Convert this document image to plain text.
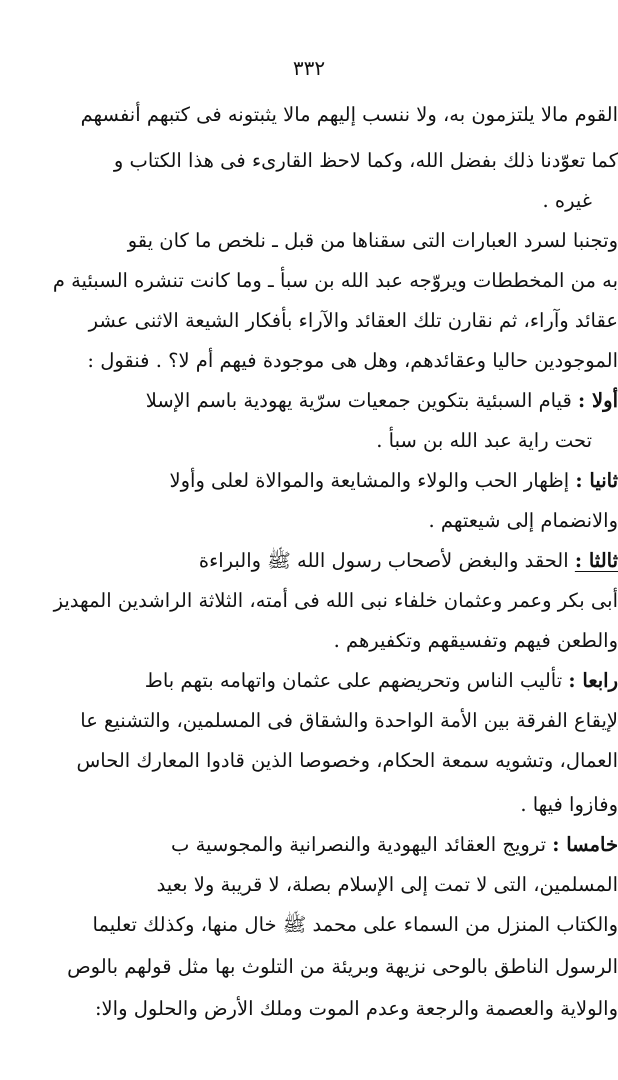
٣٣٢
القوم مالا يلتزمون به، ولا ننسب إليهم مالا يثبتونه فى كتبهم أنفسهم
كما تعوّدنا ذلك بفضل الله، وكما لاحظ القارىء فى هذا الكتاب و
غيره .
وتجنبا لسرد العبارات التى سقناها من قبل ـ نلخص ما كان يقو
به من المخططات ويروّجه عبد الله بن سبأ ـ وما كانت تنشره السبئية م
عقائد وآراء، ثم نقارن تلك العقائد والآراء بأفكار الشيعة الاثنى عشر
الموجودين حاليا وعقائدهم، وهل هى موجودة فيهم أم لا؟ . فنقول :
أولا : قيام السبئية بتكوين جمعيات سرّية يهودية باسم الإسلا
تحت راية عبد الله بن سبأ .
ثانيا : إظهار الحب والولاء والمشايعة والموالاة لعلى وأولا
والانضمام إلى شيعتهم .
ثالثا : الحقد والبغض لأصحاب رسول الله ﷺ والبراءة
أبى بكر وعمر وعثمان خلفاء نبى الله فى أمته، الثلاثة الراشدين المهديز
والطعن فيهم وتفسيقهم وتكفيرهم .
رابعا : تأليب الناس وتحريضهم على عثمان واتهامه بتهم باط
لإيقاع الفرقة بين الأمة الواحدة والشقاق فى المسلمين، والتشنيع عا
العمال، وتشويه سمعة الحكام، وخصوصا الذين قادوا المعارك الحاس
وفازوا فيها .
خامسا : ترويج العقائد اليهودية والنصرانية والمجوسية ب
المسلمين، التى لا تمت إلى الإسلام بصلة، لا قريبة ولا بعيد
والكتاب المنزل من السماء على محمد ﷺ خال منها، وكذلك تعليما
الرسول الناطق بالوحى نزيهة وبريئة من التلوث بها مثل قولهم بالوص
والولاية والعصمة والرجعة وعدم الموت وملك الأرض والحلول والا:
